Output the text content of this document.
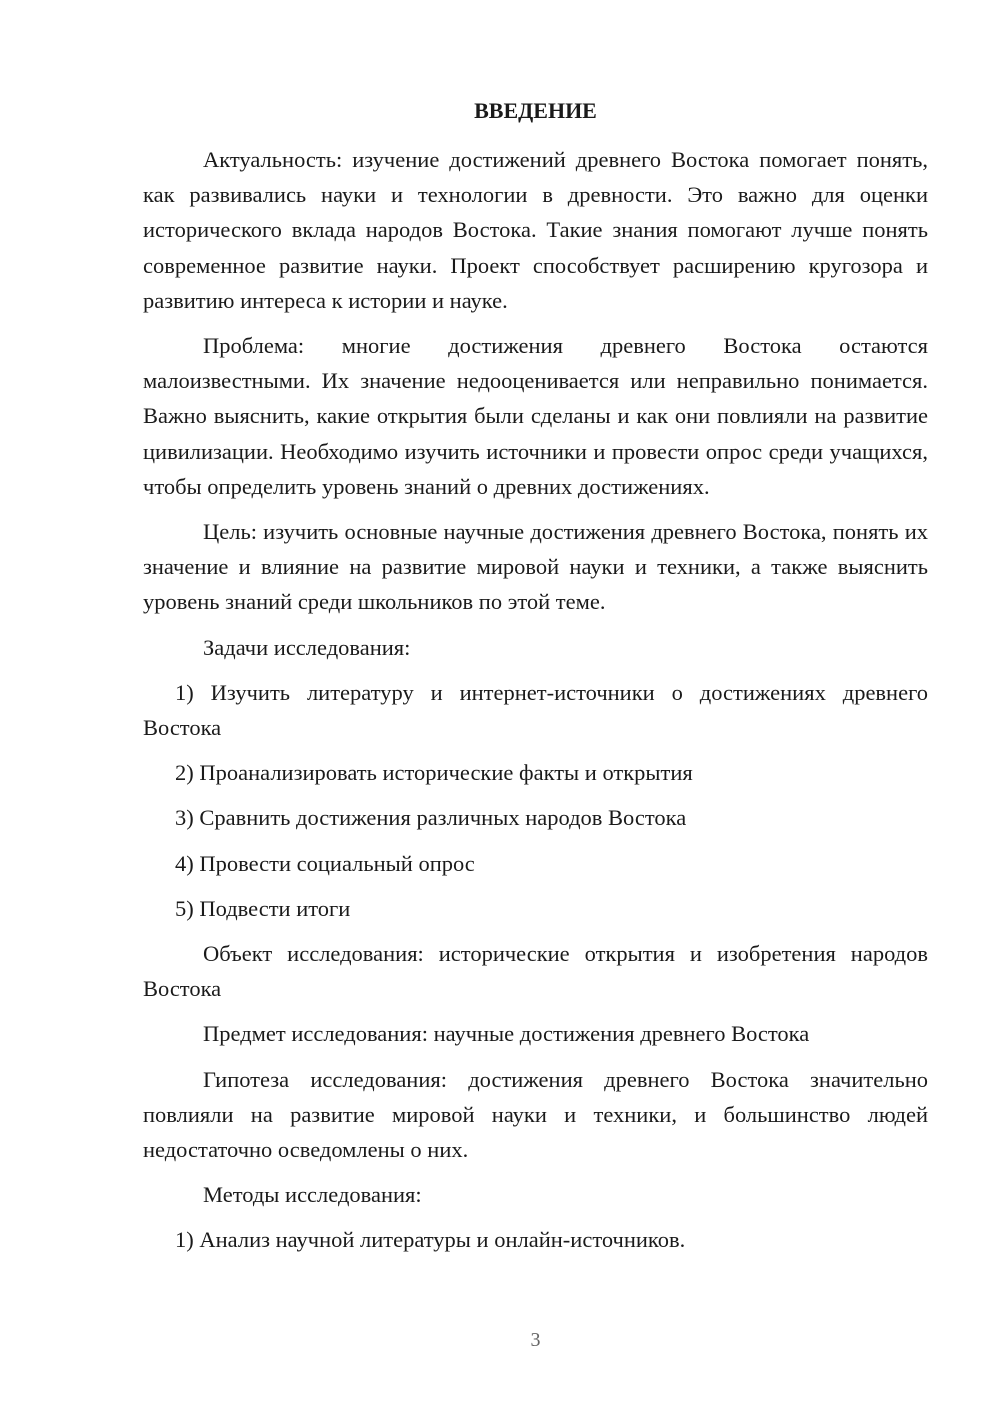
ВВЕДЕНИЕ

Актуальность: изучение достижений древнего Востока помогает понять, как развивались науки и технологии в древности. Это важно для оценки исторического вклада народов Востока. Такие знания помогают лучше понять современное развитие науки. Проект способствует расширению кругозора и развитию интереса к истории и науке.

Проблема: многие достижения древнего Востока остаются малоизвестными. Их значение недооценивается или неправильно понимается. Важно выяснить, какие открытия были сделаны и как они повлияли на развитие цивилизации. Необходимо изучить источники и провести опрос среди учащихся, чтобы определить уровень знаний о древних достижениях.

Цель: изучить основные научные достижения древнего Востока, понять их значение и влияние на развитие мировой науки и техники, а также выяснить уровень знаний среди школьников по этой теме.

Задачи исследования:

1) Изучить литературу и интернет-источники о достижениях древнего Востока

2) Проанализировать исторические факты и открытия

3) Сравнить достижения различных народов Востока

4) Провести социальный опрос

5) Подвести итоги

Объект исследования: исторические открытия и изобретения народов Востока

Предмет исследования: научные достижения древнего Востока

Гипотеза исследования: достижения древнего Востока значительно повлияли на развитие мировой науки и техники, и большинство людей недостаточно осведомлены о них.

Методы исследования:

1) Анализ научной литературы и онлайн-источников.

3
